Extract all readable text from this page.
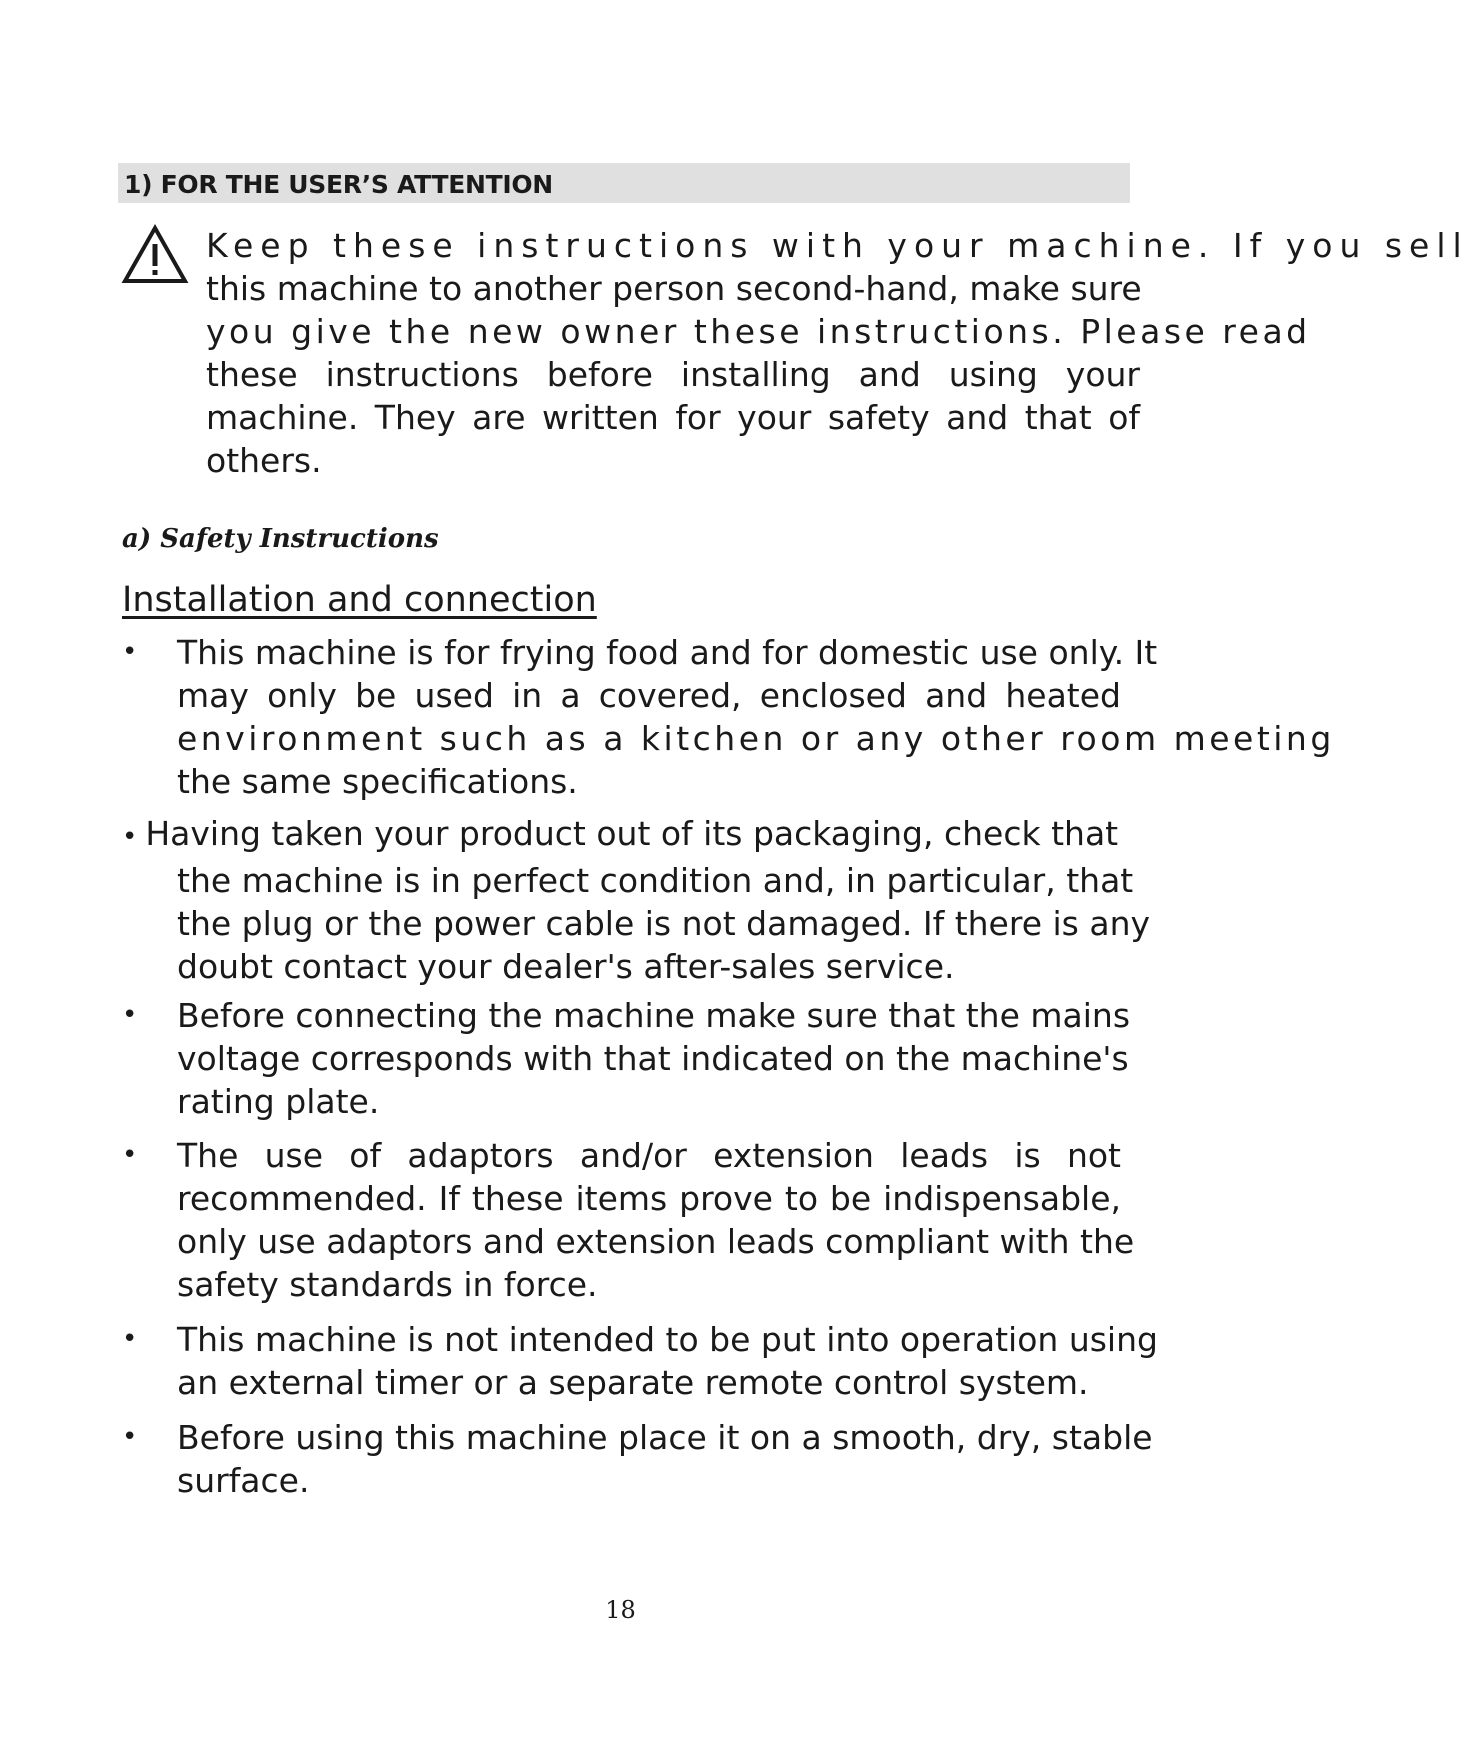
1) FOR THE USER’S ATTENTION
Keep these instructions with your machine. If you sell
this machine to another person second-hand, make sure
you give the new owner these instructions. Please read
these instructions before installing and using your
machine. They are written for your safety and that of
others.
a) Safety Instructions
Installation and connection
• This machine is for frying food and for domestic use only. It
may only be used in a covered, enclosed and heated
environment such as a kitchen or any other room meeting
the same specifications.
• Having taken your product out of its packaging, check that
the machine is in perfect condition and, in particular, that
the plug or the power cable is not damaged. If there is any
doubt contact your dealer's after-sales service.
• Before connecting the machine make sure that the mains
voltage corresponds with that indicated on the machine's
rating plate.
• The use of adaptors and/or extension leads is not
recommended. If these items prove to be indispensable,
only use adaptors and extension leads compliant with the
safety standards in force.
• This machine is not intended to be put into operation using
an external timer or a separate remote control system.
• Before using this machine place it on a smooth, dry, stable
surface.
18
